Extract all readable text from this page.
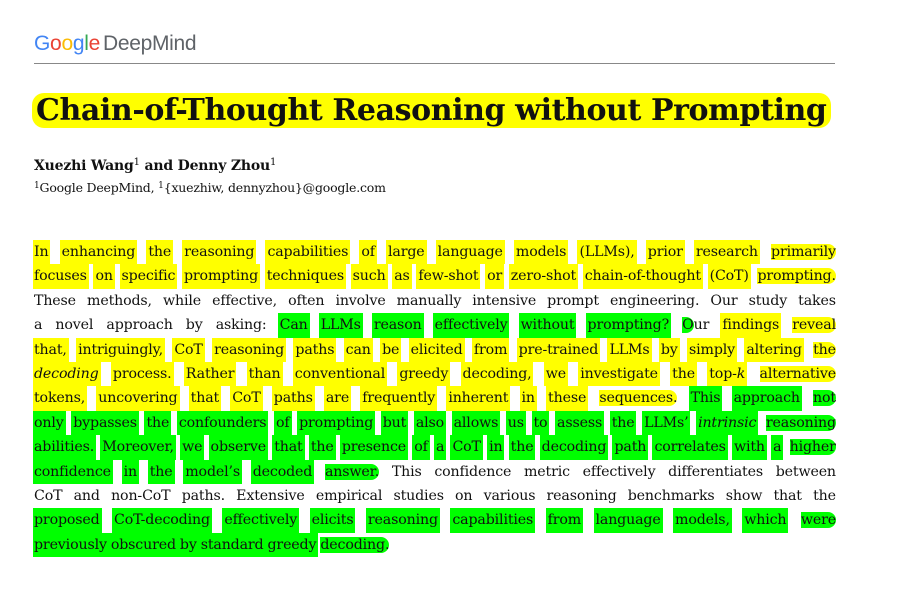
Google DeepMind
Chain-of-Thought Reasoning without Prompting
Xuezhi Wang$^1$ and Denny Zhou$^1$
$^1$Google DeepMind, $^1${xuezhiw, dennyzhou}@google.com
In enhancing the reasoning capabilities of large language models (LLMs), prior research primarily
focuses on specific prompting techniques such as few-shot or zero-shot chain-of-thought (CoT) prompting.
These methods, while effective, often involve manually intensive prompt engineering. Our study takes
a novel approach by asking: Can LLMs reason effectively without prompting? Our findings reveal
that, intriguingly, CoT reasoning paths can be elicited from pre-trained LLMs by simply altering the
decoding process. Rather than conventional greedy decoding, we investigate the top-k alternative
tokens, uncovering that CoT paths are frequently inherent in these sequences. This approach not
only bypasses the confounders of prompting but also allows us to assess the LLMs’ intrinsic reasoning
abilities. Moreover, we observe that the presence of a CoT in the decoding path correlates with a higher
confidence in the model’s decoded answer. This confidence metric effectively differentiates between
CoT and non-CoT paths. Extensive empirical studies on various reasoning benchmarks show that the
proposed CoT-decoding effectively elicits reasoning capabilities from language models, which were
previously obscured by standard greedy decoding.
